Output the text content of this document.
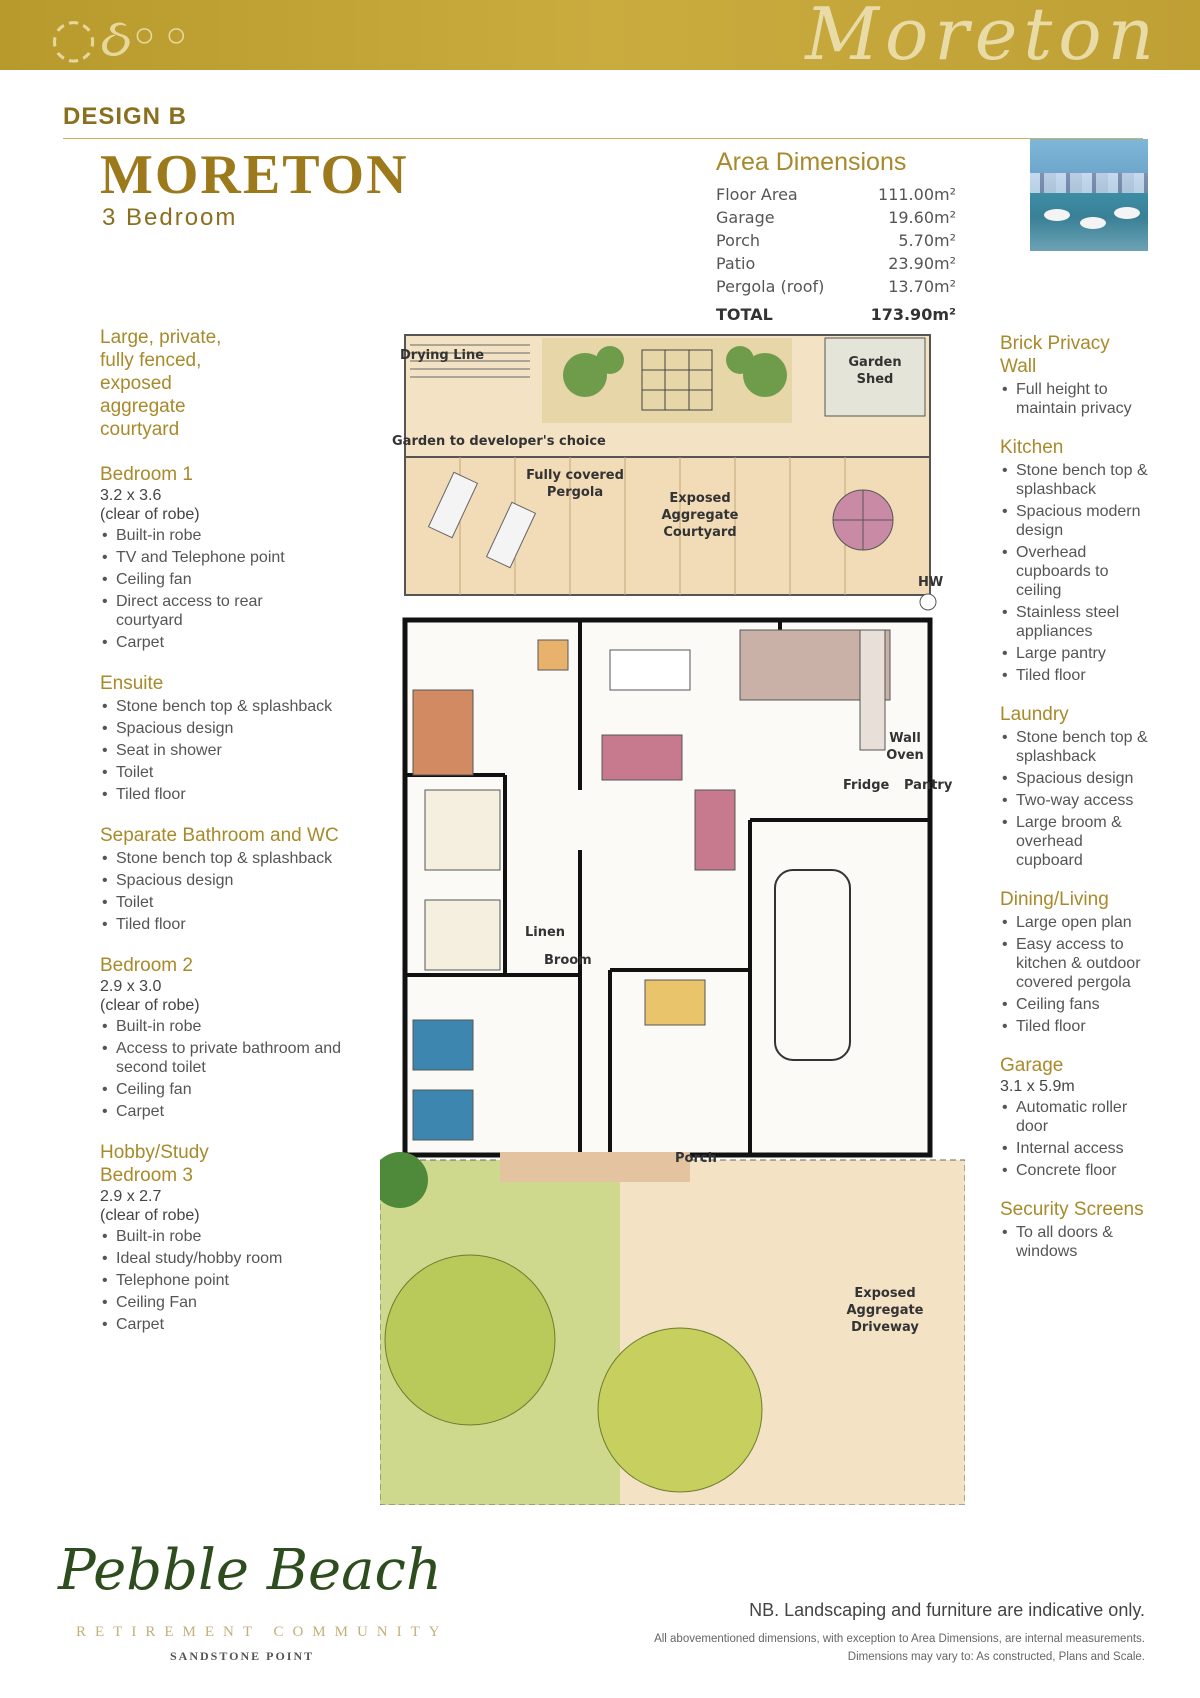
◌ઠ◦◦	Moreton
DESIGN B
MORETON
3 Bedroom
Area Dimensions
Floor Area	111.00m²
Garage	19.60m²
Porch	5.70m²
Patio	23.90m²
Pergola (roof)	13.70m²
TOTAL	173.90m²
Large, private, fully fenced, exposed aggregate courtyard
Bedroom 1
3.2 x 3.6
(clear of robe)
• Built-in robe
• TV and Telephone point
• Ceiling fan
• Direct access to rear courtyard
• Carpet
Ensuite
• Stone bench top & splashback
• Spacious design
• Seat in shower
• Toilet
• Tiled floor
Separate Bathroom and WC
• Stone bench top & splashback
• Spacious design
• Toilet
• Tiled floor
Bedroom 2
2.9 x 3.0
(clear of robe)
• Built-in robe
• Access to private bathroom and second toilet
• Ceiling fan
• Carpet
Hobby/Study Bedroom 3
2.9 x 2.7
(clear of robe)
• Built-in robe
• Ideal study/hobby room
• Telephone point
• Ceiling Fan
• Carpet
Brick Privacy Wall
• Full height to maintain privacy
Kitchen
• Stone bench top & splashback
• Spacious modern design
• Overhead cupboards to ceiling
• Stainless steel appliances
• Large pantry
• Tiled floor
Laundry
• Stone bench top & splashback
• Spacious design
• Two-way access
• Large broom & overhead cupboard
Dining/Living
• Large open plan
• Easy access to kitchen & outdoor covered pergola
• Ceiling fans
• Tiled floor
Garage
3.1 x 5.9m
• Automatic roller door
• Internal access
• Concrete floor
Security Screens
• To all doors & windows
Drying Line	Garden Shed
Garden to developer's choice
Fully covered Pergola	Exposed Aggregate Courtyard
HW
Wall Oven
Fridge Pantry
Linen
Broom
Porch
Exposed Aggregate Driveway
Pebble Beach
RETIREMENT COMMUNITY
SANDSTONE POINT
NB. Landscaping and furniture are indicative only.
All abovementioned dimensions, with exception to Area Dimensions, are internal measurements.
Dimensions may vary to: As constructed, Plans and Scale.
